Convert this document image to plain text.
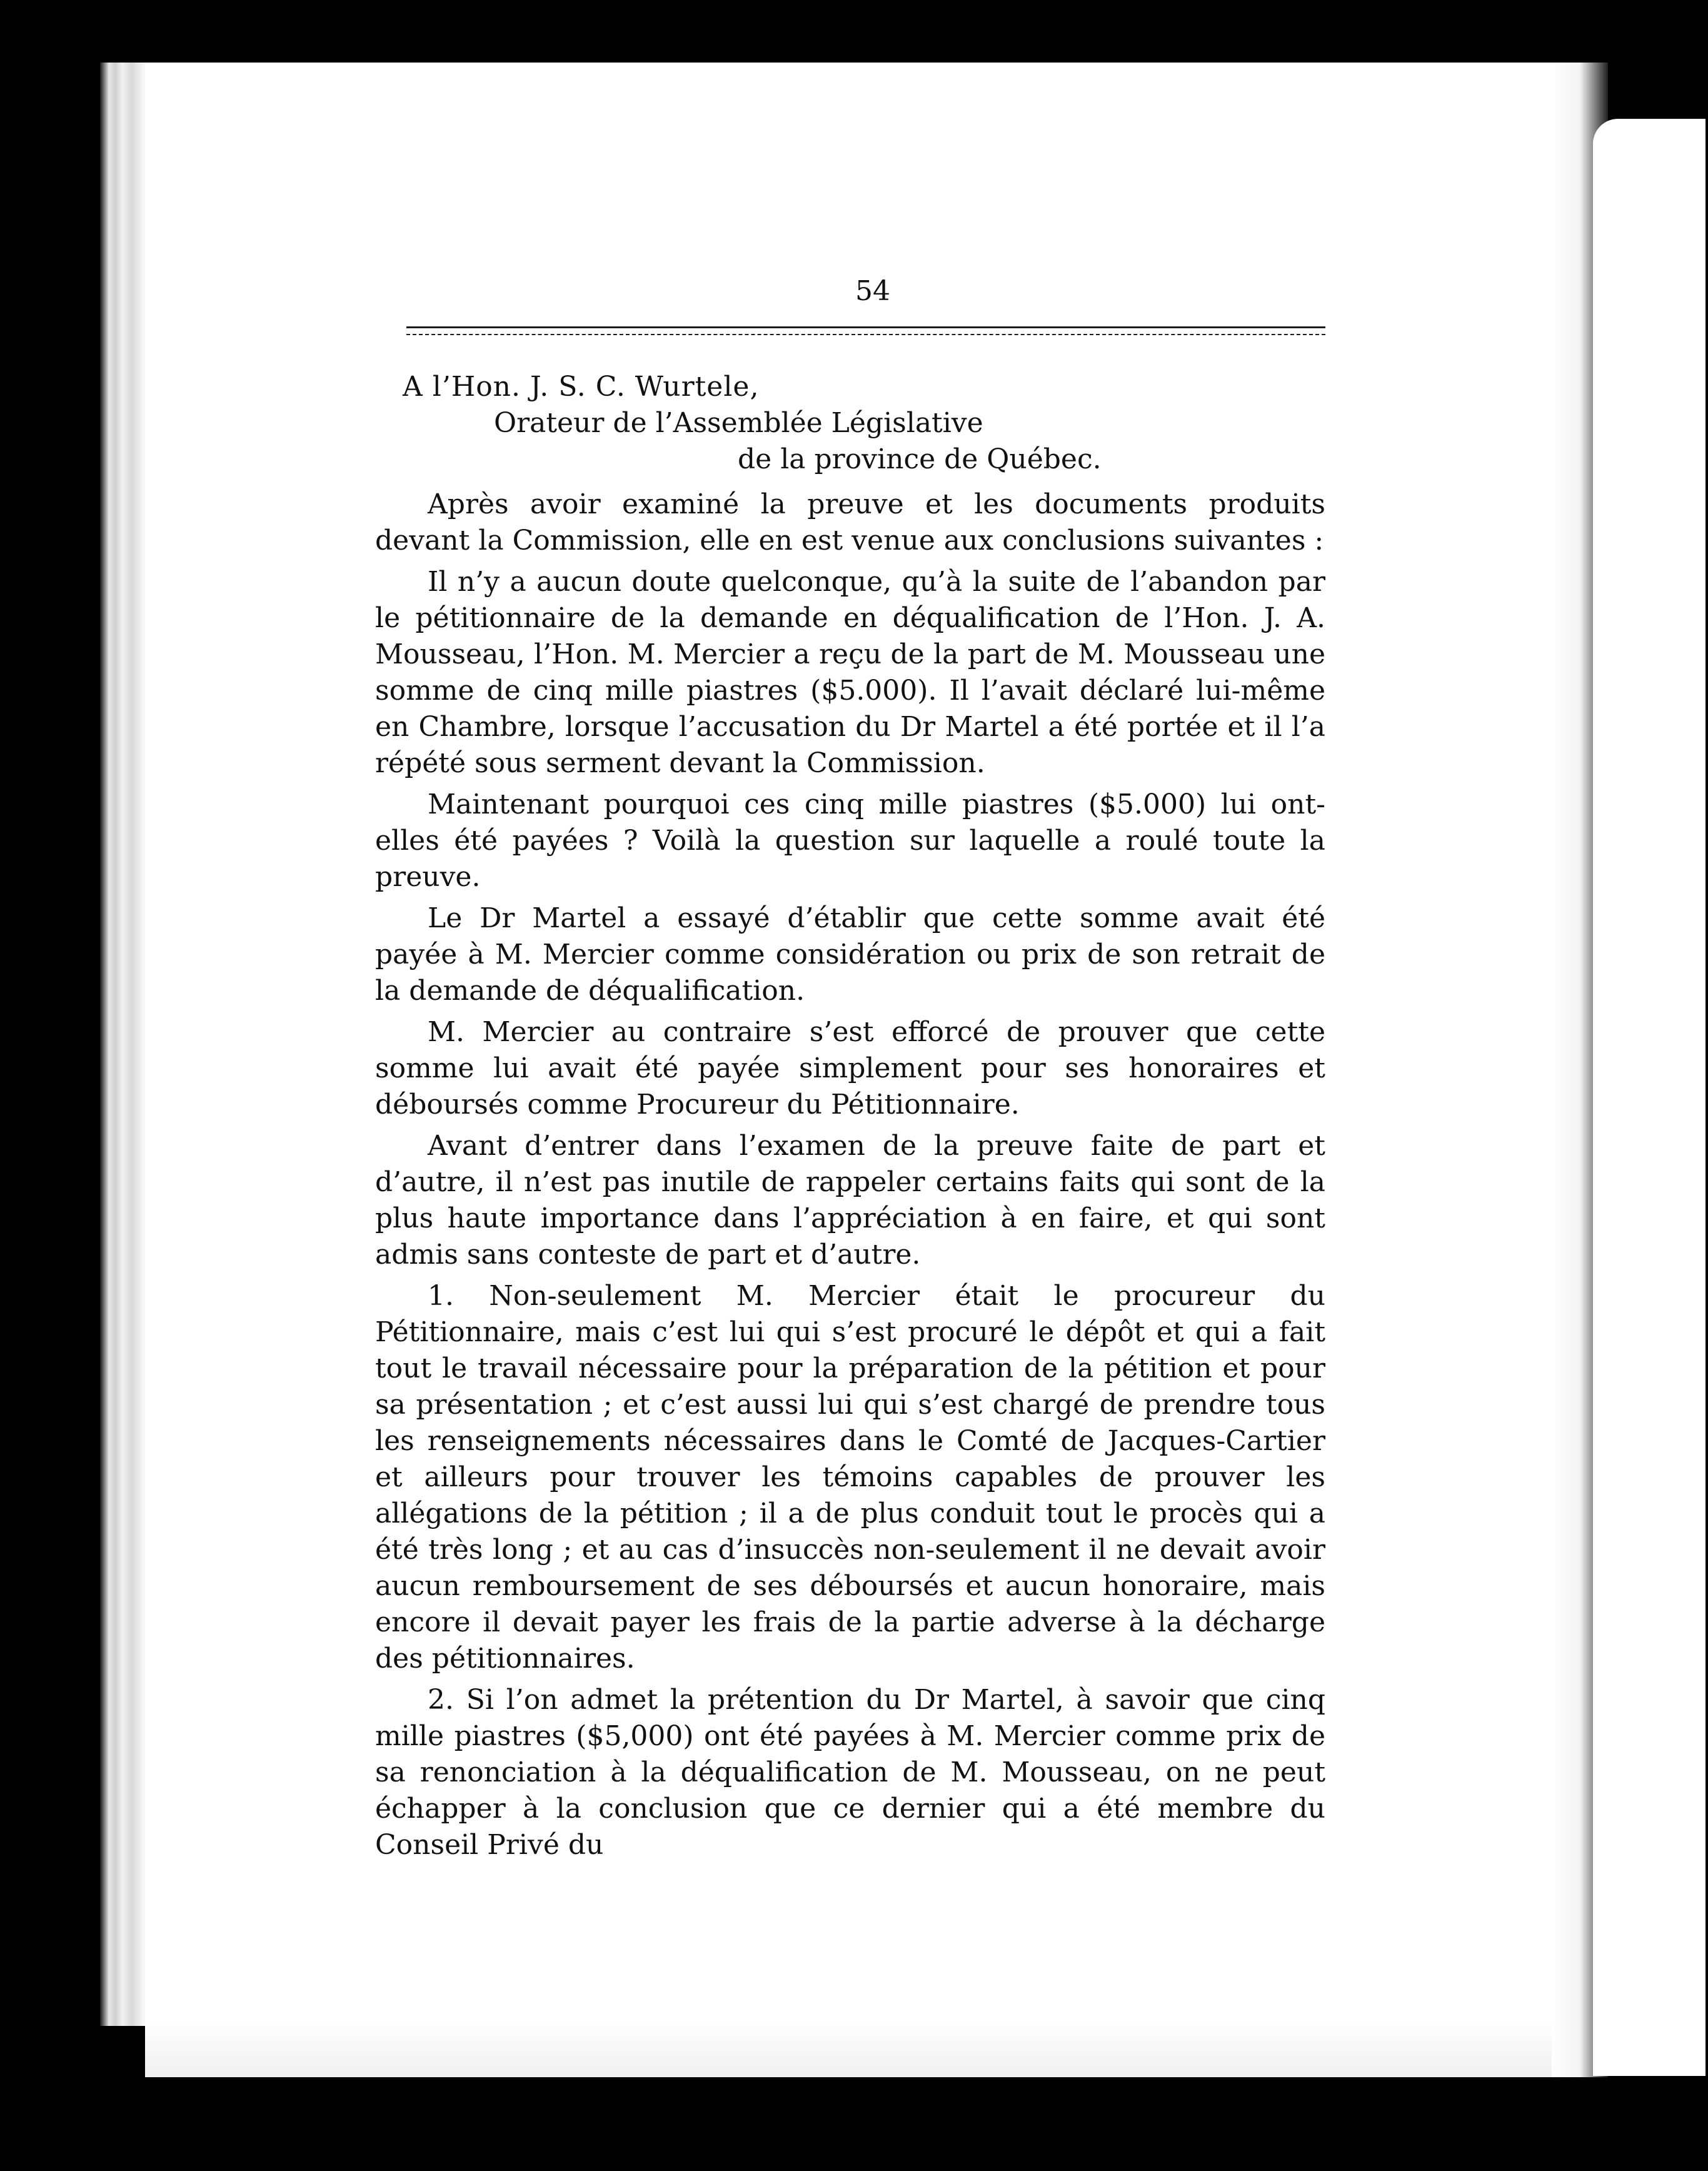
54
A l’Hon. J. S. C. Wurtele,
Orateur de l’Assemblée Législative
de la province de Québec.

Après avoir examiné la preuve et les documents produits devant la Commission, elle en est venue aux conclusions suivantes :

Il n’y a aucun doute quelconque, qu’à la suite de l’abandon par le pétitionnaire de la demande en déqualification de l’Hon. J. A. Mousseau, l’Hon. M. Mercier a reçu de la part de M. Mousseau une somme de cinq mille piastres ($5.000). Il l’avait déclaré lui-même en Chambre, lorsque l’accusation du Dr Martel a été portée et il l’a répété sous serment devant la Commission.

Maintenant pourquoi ces cinq mille piastres ($5.000) lui ont-elles été payées ? Voilà la question sur laquelle a roulé toute la preuve.

Le Dr Martel a essayé d’établir que cette somme avait été payée à M. Mercier comme considération ou prix de son retrait de la demande de déqualification.

M. Mercier au contraire s’est efforcé de prouver que cette somme lui avait été payée simplement pour ses honoraires et déboursés comme Procureur du Pétitionnaire.

Avant d’entrer dans l’examen de la preuve faite de part et d’autre, il n’est pas inutile de rappeler certains faits qui sont de la plus haute importance dans l’appréciation à en faire, et qui sont admis sans conteste de part et d’autre.

1. Non-seulement M. Mercier était le procureur du Pétitionnaire, mais c’est lui qui s’est procuré le dépôt et qui a fait tout le travail nécessaire pour la préparation de la pétition et pour sa présentation ; et c’est aussi lui qui s’est chargé de prendre tous les renseignements nécessaires dans le Comté de Jacques-Cartier et ailleurs pour trouver les témoins capables de prouver les allégations de la pétition ; il a de plus conduit tout le procès qui a été très long ; et au cas d’insuccès non-seulement il ne devait avoir aucun remboursement de ses déboursés et aucun honoraire, mais encore il devait payer les frais de la partie adverse à la décharge des pétitionnaires.

2. Si l’on admet la prétention du Dr Martel, à savoir que cinq mille piastres ($5,000) ont été payées à M. Mercier comme prix de sa renonciation à la déqualification de M. Mousseau, on ne peut échapper à la conclusion que ce dernier qui a été membre du Conseil Privé du
